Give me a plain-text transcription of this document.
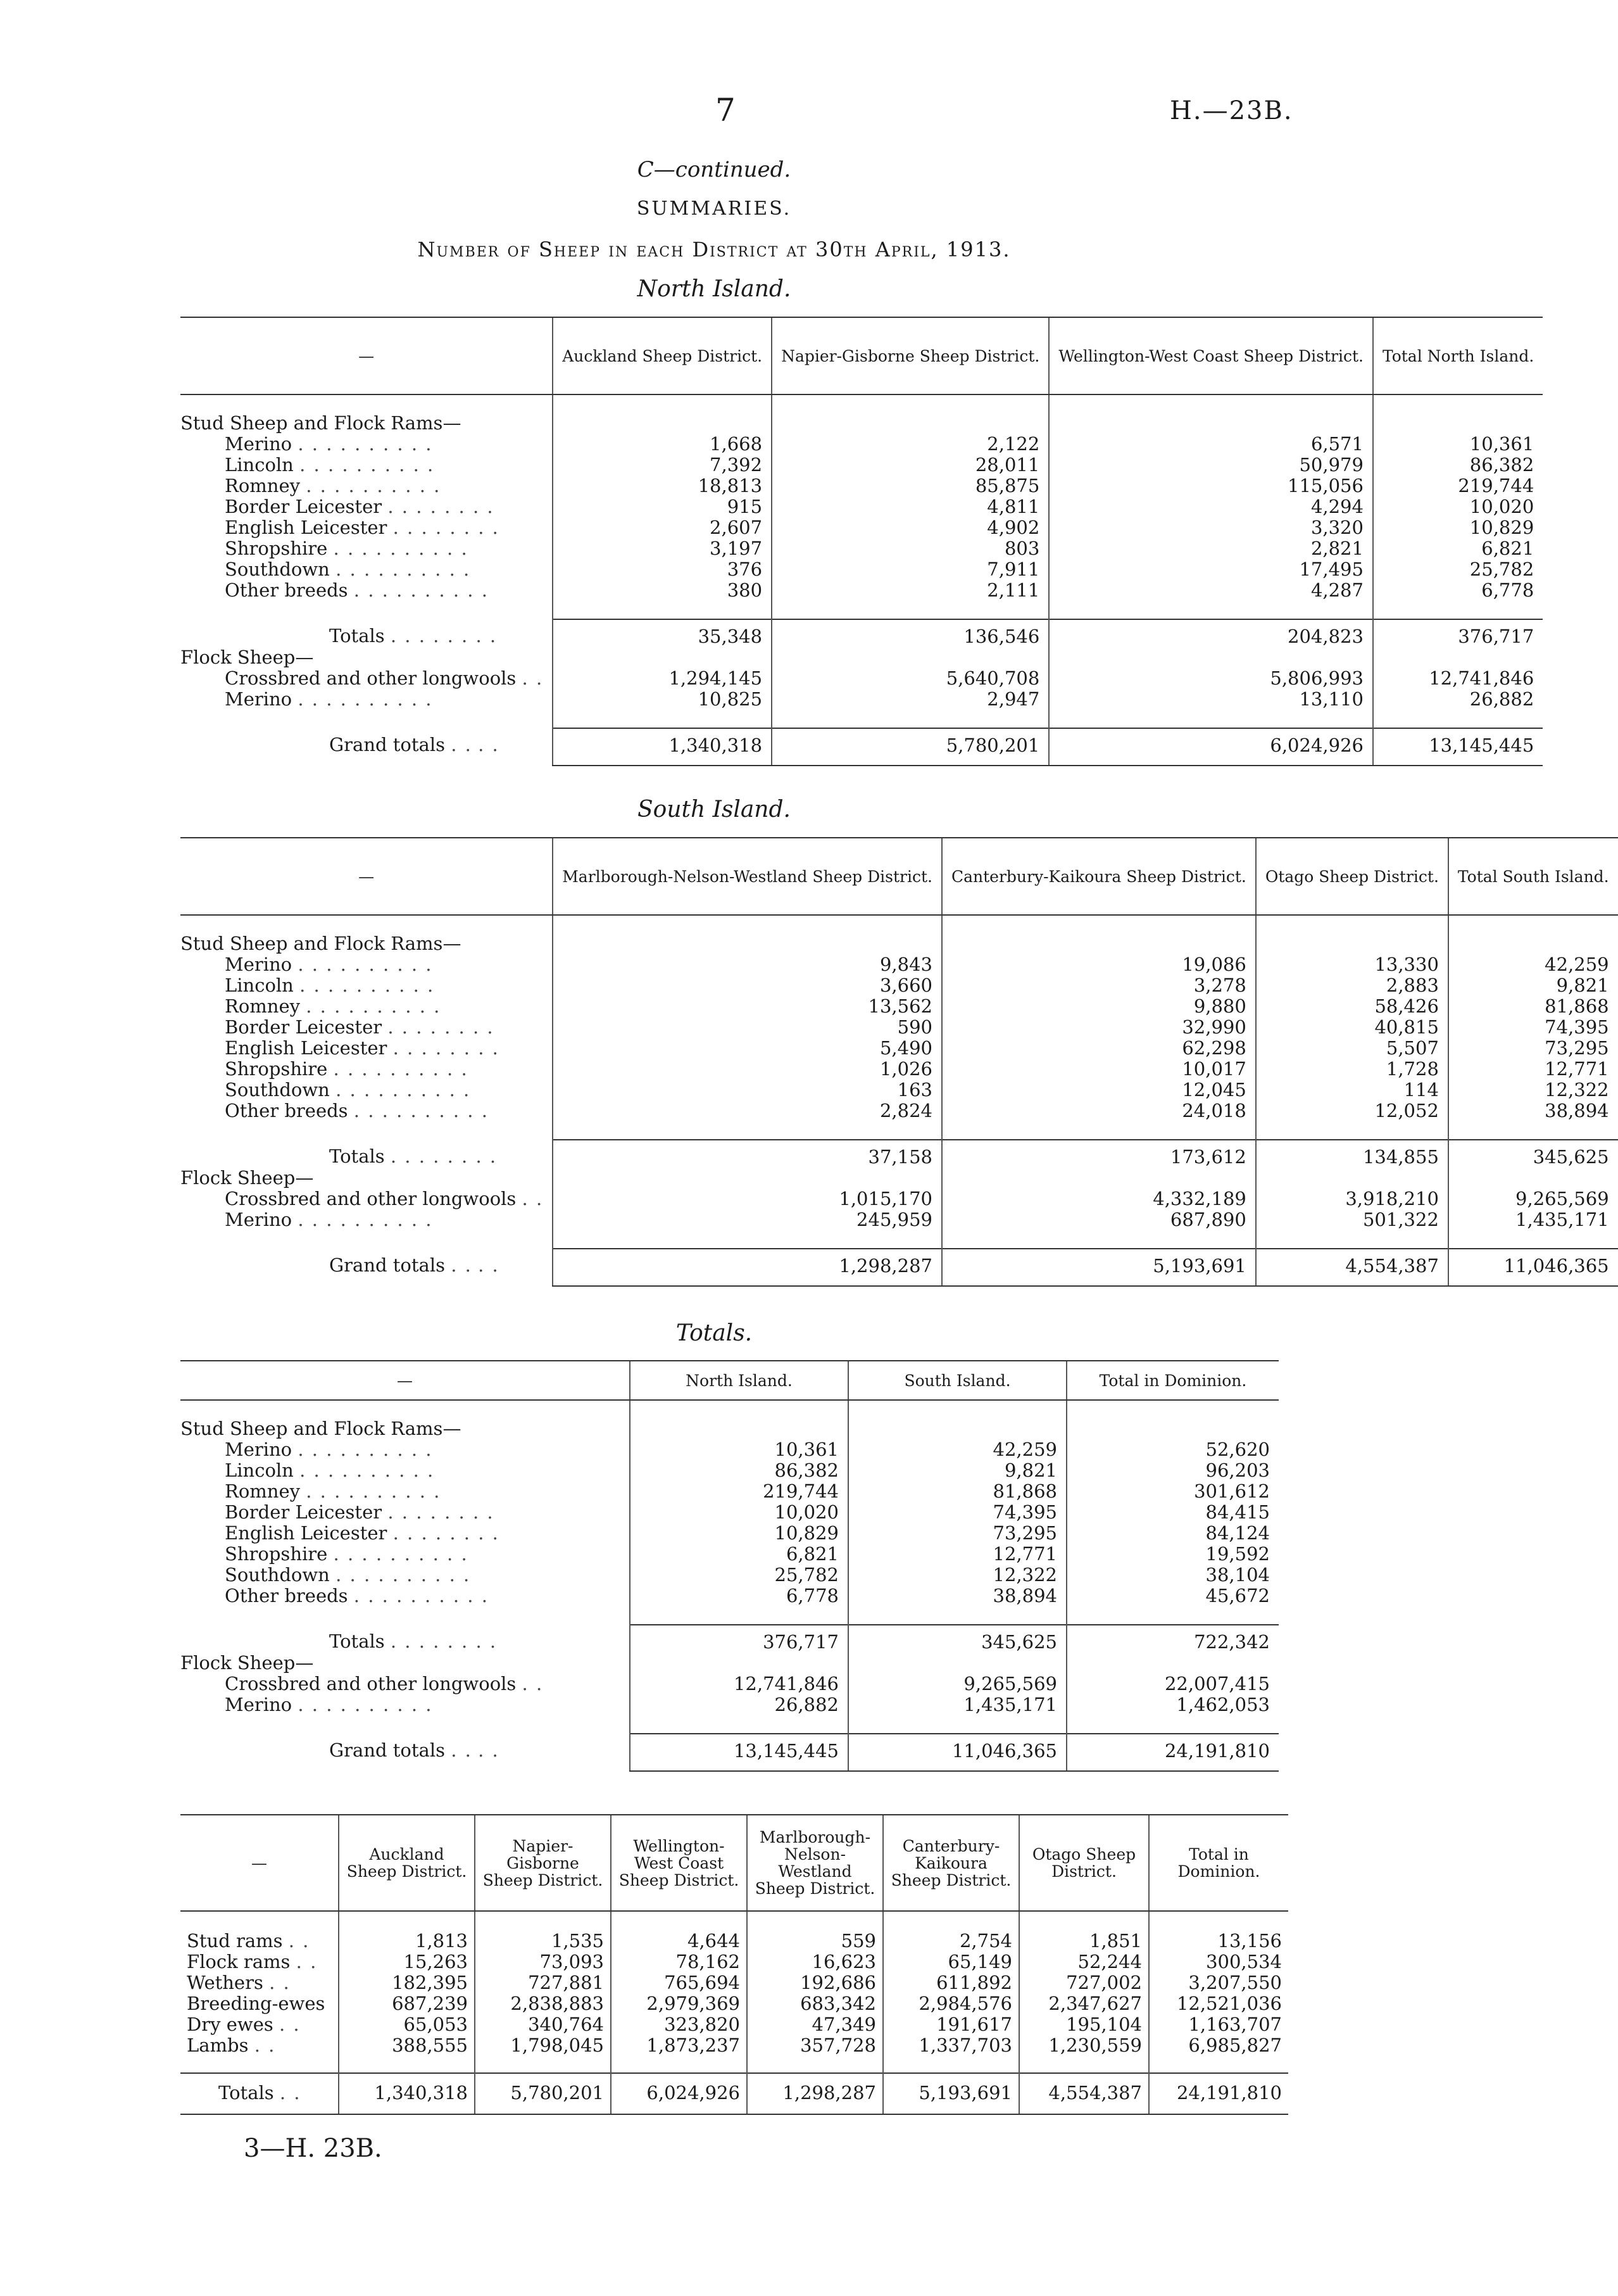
7	H.—23B.
C—continued.
SUMMARIES.
Number of Sheep in each District at 30th April, 1913.
North Island.
—	Auckland Sheep District.	Napier-Gisborne Sheep District.	Wellington-West Coast Sheep District.	Total North Island.

Stud Sheep and Flock Rams—				
Merino . . . . . . . . . .	1,668	2,122	6,571	10,361
Lincoln . . . . . . . . . .	7,392	28,011	50,979	86,382
Romney . . . . . . . . . .	18,813	85,875	115,056	219,744
Border Leicester . . . . . . . .	915	4,811	4,294	10,020
English Leicester . . . . . . . .	2,607	4,902	3,320	10,829
Shropshire . . . . . . . . . .	3,197	803	2,821	6,821
Southdown . . . . . . . . . .	376	7,911	17,495	25,782
Other breeds . . . . . . . . . .	380	2,111	4,287	6,778

Totals . . . . . . . .	35,348	136,546	204,823	376,717
Flock Sheep—				
Crossbred and other longwools . .	1,294,145	5,640,708	5,806,993	12,741,846
Merino . . . . . . . . . .	10,825	2,947	13,110	26,882

Grand totals . . . .	1,340,318	5,780,201	6,024,926	13,145,445
South Island.
—	Marlborough-Nelson-Westland Sheep District.	Canterbury-Kaikoura Sheep District.	Otago Sheep District.	Total South Island.

Stud Sheep and Flock Rams—				
Merino . . . . . . . . . .	9,843	19,086	13,330	42,259
Lincoln . . . . . . . . . .	3,660	3,278	2,883	9,821
Romney . . . . . . . . . .	13,562	9,880	58,426	81,868
Border Leicester . . . . . . . .	590	32,990	40,815	74,395
English Leicester . . . . . . . .	5,490	62,298	5,507	73,295
Shropshire . . . . . . . . . .	1,026	10,017	1,728	12,771
Southdown . . . . . . . . . .	163	12,045	114	12,322
Other breeds . . . . . . . . . .	2,824	24,018	12,052	38,894

Totals . . . . . . . .	37,158	173,612	134,855	345,625
Flock Sheep—				
Crossbred and other longwools . .	1,015,170	4,332,189	3,918,210	9,265,569
Merino . . . . . . . . . .	245,959	687,890	501,322	1,435,171

Grand totals . . . .	1,298,287	5,193,691	4,554,387	11,046,365
Totals.
—	North Island.	South Island.	Total in Dominion.

Stud Sheep and Flock Rams—			
Merino . . . . . . . . . .	10,361	42,259	52,620
Lincoln . . . . . . . . . .	86,382	9,821	96,203
Romney . . . . . . . . . .	219,744	81,868	301,612
Border Leicester . . . . . . . .	10,020	74,395	84,415
English Leicester . . . . . . . .	10,829	73,295	84,124
Shropshire . . . . . . . . . .	6,821	12,771	19,592
Southdown . . . . . . . . . .	25,782	12,322	38,104
Other breeds . . . . . . . . . .	6,778	38,894	45,672

Totals . . . . . . . .	376,717	345,625	722,342
Flock Sheep—			
Crossbred and other longwools . .	12,741,846	9,265,569	22,007,415
Merino . . . . . . . . . .	26,882	1,435,171	1,462,053

Grand totals . . . .	13,145,445	11,046,365	24,191,810
—	Auckland Sheep District.	Napier-Gisborne Sheep District.	Wellington-West Coast Sheep District.	Marlborough-Nelson-Westland Sheep District.	Canterbury-Kaikoura Sheep District.	Otago Sheep District.	Total in Dominion.
Stud rams . .	1,813	1,535	4,644	559	2,754	1,851	13,156
Flock rams . .	15,263	73,093	78,162	16,623	65,149	52,244	300,534
Wethers . .	182,395	727,881	765,694	192,686	611,892	727,002	3,207,550
Breeding-ewes	687,239	2,838,883	2,979,369	683,342	2,984,576	2,347,627	12,521,036
Dry ewes . .	65,053	340,764	323,820	47,349	191,617	195,104	1,163,707
Lambs . .	388,555	1,798,045	1,873,237	357,728	1,337,703	1,230,559	6,985,827
Totals . .	1,340,318	5,780,201	6,024,926	1,298,287	5,193,691	4,554,387	24,191,810
3—H. 23B.
